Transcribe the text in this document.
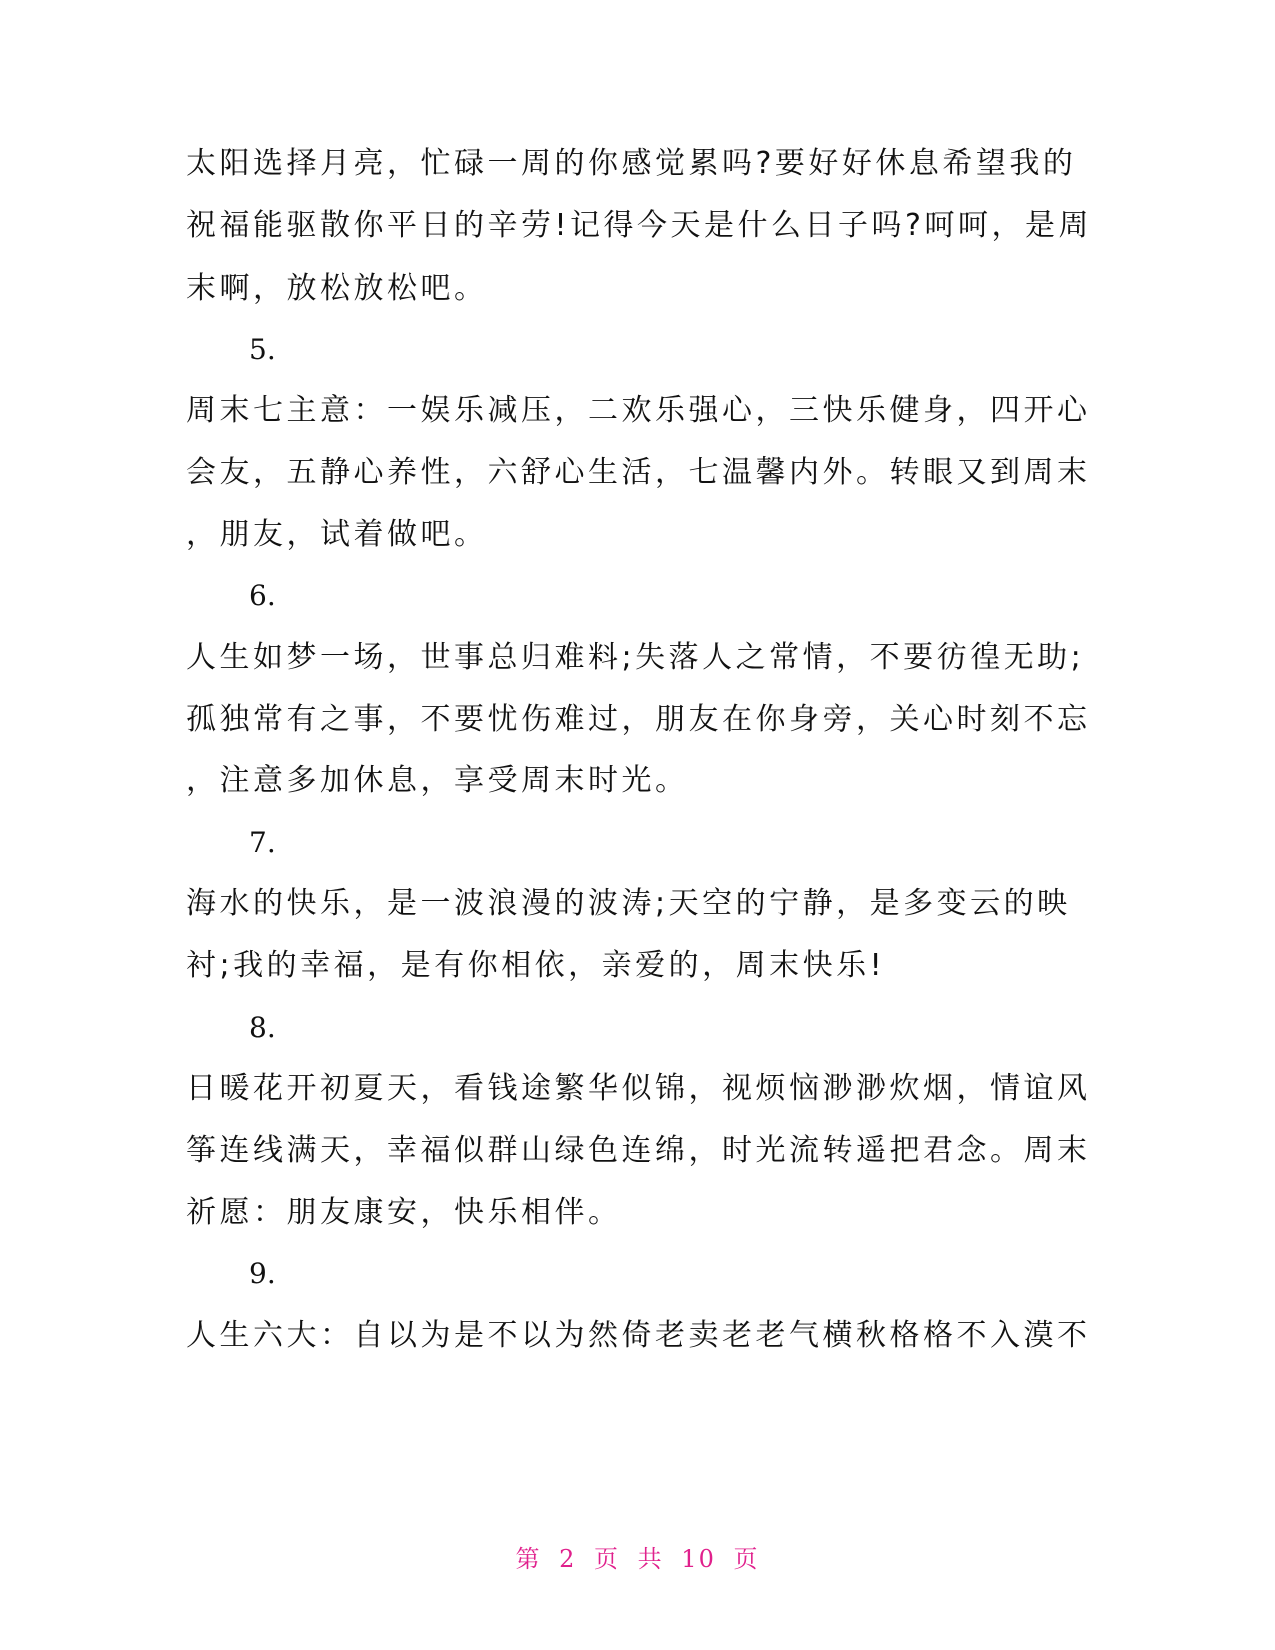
太阳选择月亮，忙碌一周的你感觉累吗?要好好休息希望我的
祝福能驱散你平日的辛劳!记得今天是什么日子吗?呵呵，是周
末啊，放松放松吧。
5.
周末七主意：一娱乐减压，二欢乐强心，三快乐健身，四开心
会友，五静心养性，六舒心生活，七温馨内外。转眼又到周末
，朋友，试着做吧。
6.
人生如梦一场，世事总归难料;失落人之常情，不要彷徨无助;
孤独常有之事，不要忧伤难过，朋友在你身旁，关心时刻不忘
，注意多加休息，享受周末时光。
7.
海水的快乐，是一波浪漫的波涛;天空的宁静，是多变云的映
衬;我的幸福，是有你相依，亲爱的，周末快乐!
8.
日暖花开初夏天，看钱途繁华似锦，视烦恼渺渺炊烟，情谊风
筝连线满天，幸福似群山绿色连绵，时光流转遥把君念。周末
祈愿：朋友康安，快乐相伴。
9.
人生六大：自以为是不以为然倚老卖老老气横秋格格不入漠不
第 2 页 共 10 页
